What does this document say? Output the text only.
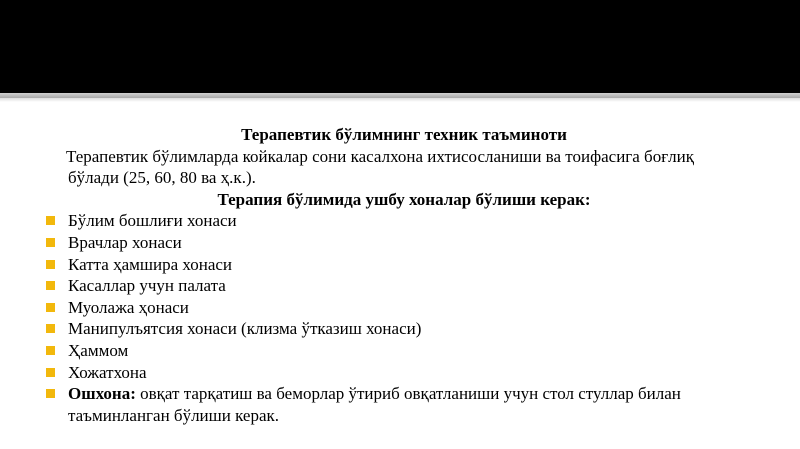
Терапевтик бўлимнинг техник таъминоти

Терапевтик бўлимларда койкалар сони касалхона ихтисосланиши ва тоифасига боғлиқ
бўлади (25, 60, 80 ва ҳ.к.).

Терапия бўлимида ушбу хоналар бўлиши керак:

Бўлим бошлиғи хонаси
Врачлар хонаси
Катта ҳамшира хонаси
Касаллар учун палата
Муолажа ҳонаси
Манипулъятсия хонаси (клизма ўтказиш хонаси)
Ҳаммом
Хожатхона
Ошхона: овқат тарқатиш ва беморлар ўтириб овқатланиши учун стол стуллар билан таъминланган бўлиши керак.
